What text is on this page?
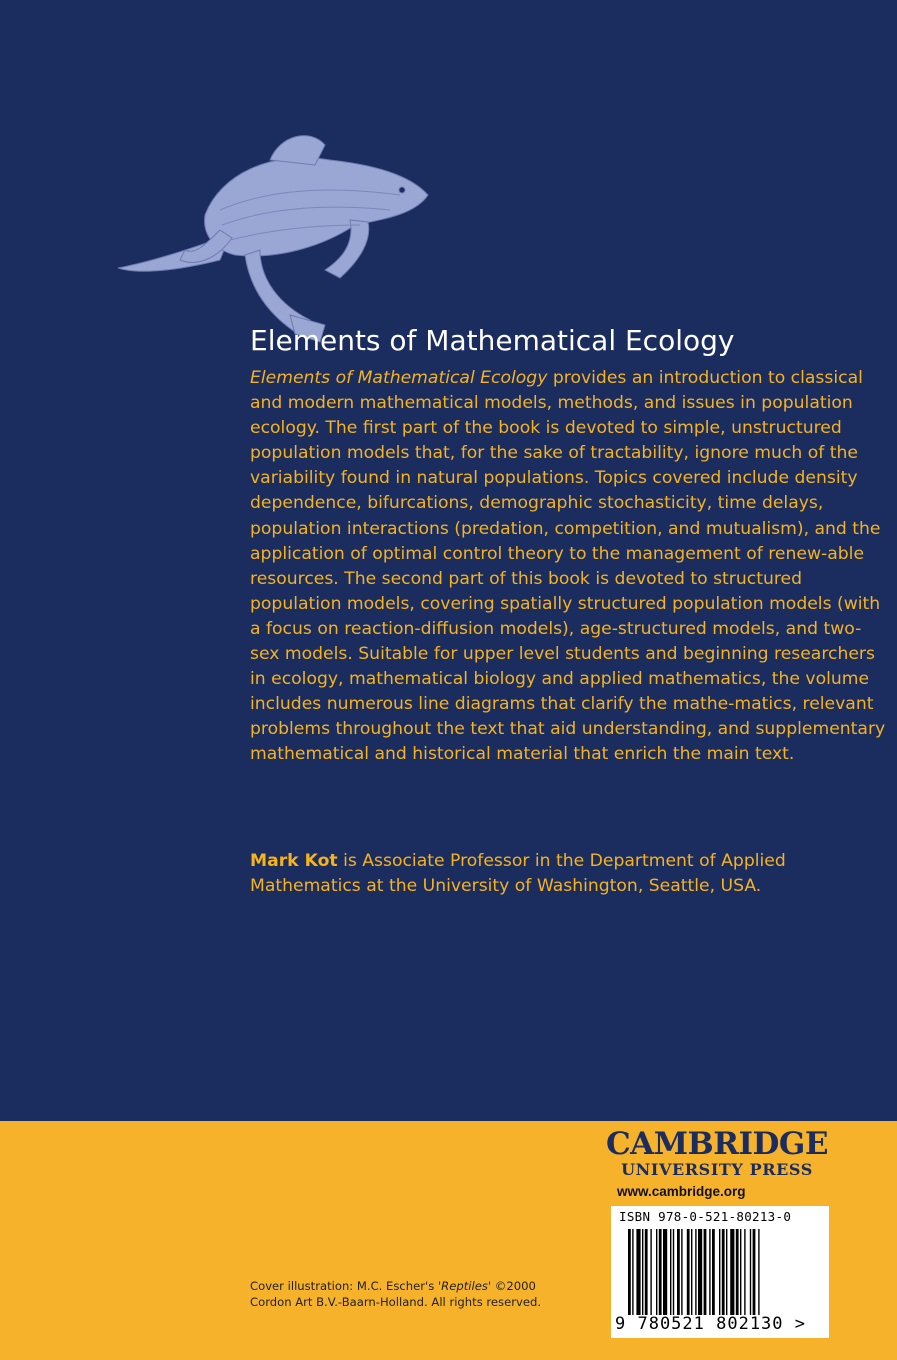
Elements of Mathematical Ecology

Elements of Mathematical Ecology provides an introduction to classical and modern mathematical models, methods, and issues in population ecology. The first part of the book is devoted to simple, unstructured population models that, for the sake of tractability, ignore much of the variability found in natural populations. Topics covered include density dependence, bifurcations, demographic stochasticity, time delays, population interactions (predation, competition, and mutualism), and the application of optimal control theory to the management of renew-able resources. The second part of this book is devoted to structured population models, covering spatially structured population models (with a focus on reaction-diffusion models), age-structured models, and two-sex models. Suitable for upper level students and beginning researchers in ecology, mathematical biology and applied mathematics, the volume includes numerous line diagrams that clarify the mathe-matics, relevant problems throughout the text that aid understanding, and supplementary mathematical and historical material that enrich the main text.

Mark Kot is Associate Professor in the Department of Applied Mathematics at the University of Washington, Seattle, USA.

CAMBRIDGE
UNIVERSITY PRESS
www.cambridge.org
ISBN 978-0-521-80213-0
9 780521 802130 >
Cover illustration: M.C. Escher's 'Reptiles' ©2000
Cordon Art B.V.-Baarn-Holland. All rights reserved.
